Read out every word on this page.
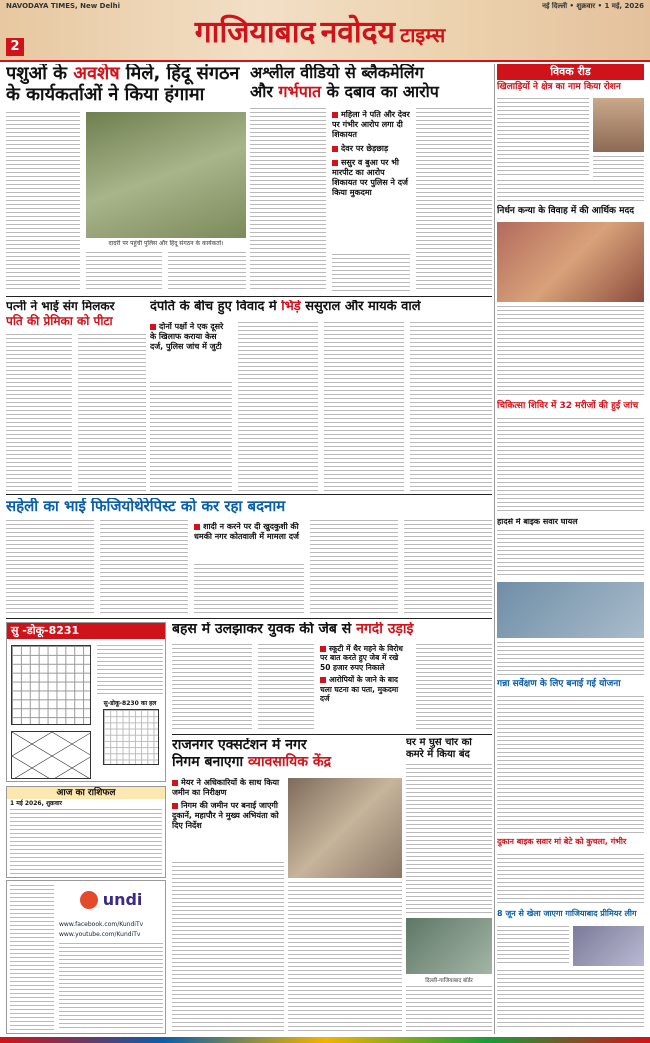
NAVODAYA TIMES, New Delhi	नई दिल्ली • शुक्रवार • 1 मई, 2026
2	गाजियाबाद नवोदय टाइम्स
पशुओं के अवशेष मिले, हिंदू संगठन
के कार्यकर्ताओं ने किया हंगामा
दादरी पर पहुंची पुलिस और हिंदू संगठन के कार्यकर्ता।
अश्लील वीडियो से ब्लैकमेलिंग
और गर्भपात के दबाव का आरोप
महिला ने पति और देवर पर गंभीर आरोप लगा दी शिकायत
देवर पर छेड़छाड़
ससुर व बुआ पर भी मारपीट का आरोप शिकायत पर पुलिस ने दर्ज किया मुकदमा
विवक रीड
खिलाड़ियों ने क्षेत्र का नाम किया रोशन
निर्धन कन्या के विवाह में की आर्थिक मदद
चिकित्सा शिविर में 32 मरीजों की हुई जांच
पत्नी ने भाई संग मिलकर
पति की प्रेमिका को पीटा
दंपति के बीच हुए विवाद में भिड़े ससुराल और मायके वाले
दोनों पक्षों ने एक दूसरे के खिलाफ कराया केस दर्ज, पुलिस जांच में जुटी
सहेली का भाई फिजियोथेरेपिस्ट को कर रहा बदनाम
शादी न करने पर दी खुदकुशी की धमकी नगर कोतवाली में मामला दर्ज
हादसे में बाइक सवार घायल
गन्ना सर्वेक्षण के लिए बनाई गई योजना
दुकान बाइक सवार मां बेटे को कुचला, गंभीर
8 जून से खेला जाएगा गाजियाबाद प्रीमियर लीग
सु -डोकू-8231
सु-डोकू-8230 का हल
बहस में उलझाकर युवक की जेब से नगदी उड़ाई
स्कूटी में थैर महने के विरोध पर बात करते हुए जेब में रखे 50 हजार रुपए निकाले
आरोपियों के जाने के बाद चला घटना का पता, मुकदमा दर्ज
आज का राशिफल
1 मई 2026, शुक्रवार
undi
www.facebook.com/KundiTv
www.youtube.com/KundiTv
राजनगर एक्सटेंशन में नगर
निगम बनाएगा व्यावसायिक केंद्र
मेयर ने अधिकारियों के साथ किया जमीन का निरीक्षण
निगम की जमीन पर बनाई जाएगी दुकानें, महापौर ने मुख्य अभियंता को दिए निर्देश
घर में घुसे चोर को
कमरे में किया बंद
दिल्ली-गाजियाबाद बॉर्डर
